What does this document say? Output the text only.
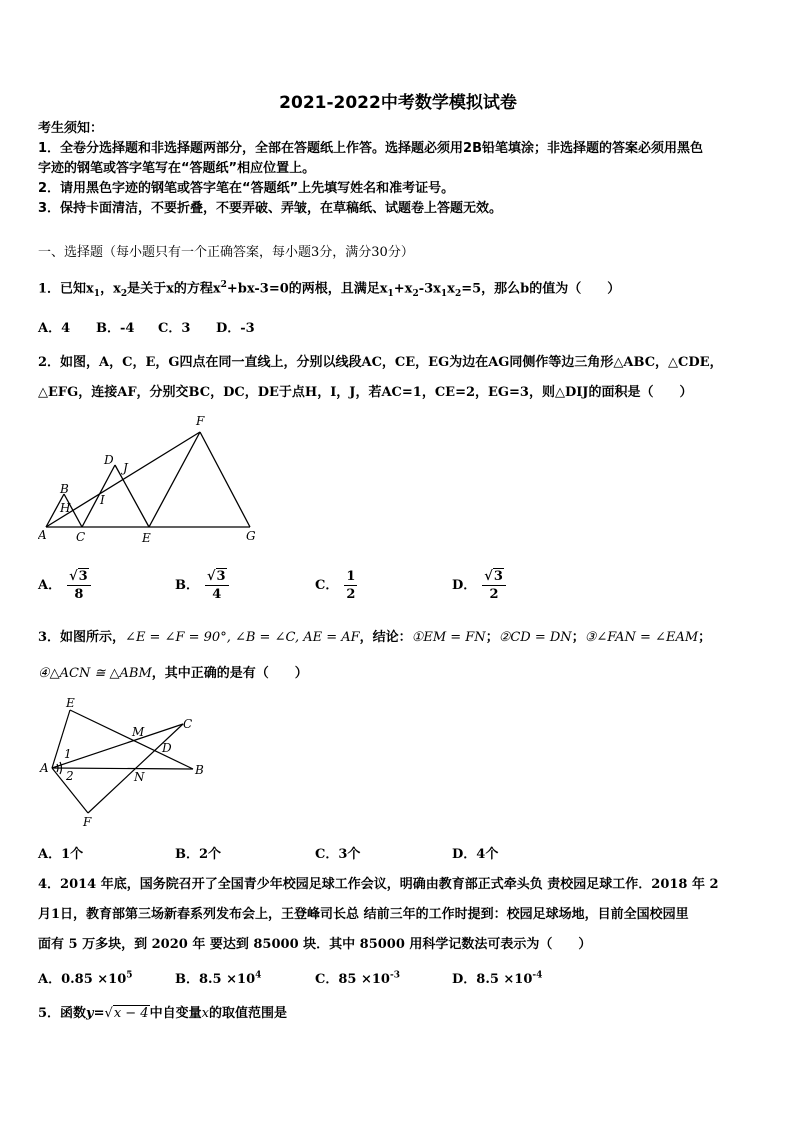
2021-2022中考数学模拟试卷
考生须知：
1．全卷分选择题和非选择题两部分，全部在答题纸上作答。选择题必须用2B铅笔填涂；非选择题的答案必须用黑色
字迹的钢笔或答字笔写在“答题纸”相应位置上。
2．请用黑色字迹的钢笔或答字笔在“答题纸”上先填写姓名和准考证号。
3．保持卡面清洁，不要折叠，不要弄破、弄皱，在草稿纸、试题卷上答题无效。
一、选择题（每小题只有一个正确答案，每小题3分，满分30分）
1．已知$x_1$，$x_2$是关于x的方程$x^2+bx-3=0$的两根，且满足$x_1+x_2-3x_1x_2=5$，那么b的值为（　　）
A．4 B．-4 C．3 D．-3
2．如图，A，C，E，G四点在同一直线上，分别以线段AC，CE，EG为边在AG同侧作等边三角形△ABC，△CDE，
△EFG，连接AF，分别交BC，DC，DE于点H，I，J，若AC=1，CE=2，EG=3，则△DIJ的面积是（　　）
F
D
J
B
H
I
A C	E	G
A． $\frac{√3}{8}$	B． $\frac{√3}{4}$	C． $\frac{1}{2}$	D． $\frac{√3}{2}$
3．如图所示，∠E = ∠F = 90°, ∠B = ∠C, AE = AF，结论：①EM = FN；②CD = DN；③∠FAN = ∠EAM；
④△ACN ≅ △ABM，其中正确的是有（　　）
E
M
C
D
1
A
2	N	B
F
A．1个	B．2个	C．3个	D．4个
4．2014 年底，国务院召开了全国青少年校园足球工作会议，明确由教育部正式牵头负 责校园足球工作．2018 年 2
月1日，教育部第三场新春系列发布会上，王登峰司长总 结前三年的工作时提到：校园足球场地，目前全国校园里
面有 5 万多块，到 2020 年 要达到 85000 块．其中 85000 用科学记数法可表示为（　　）
A．$0.85 \times 10^5$	B．$8.5 \times 10^4$	C．$85 \times 10^{-3}$	D．$8.5 \times 10^{-4}$
5．函数y=√x − 4中自变量x的取值范围是
